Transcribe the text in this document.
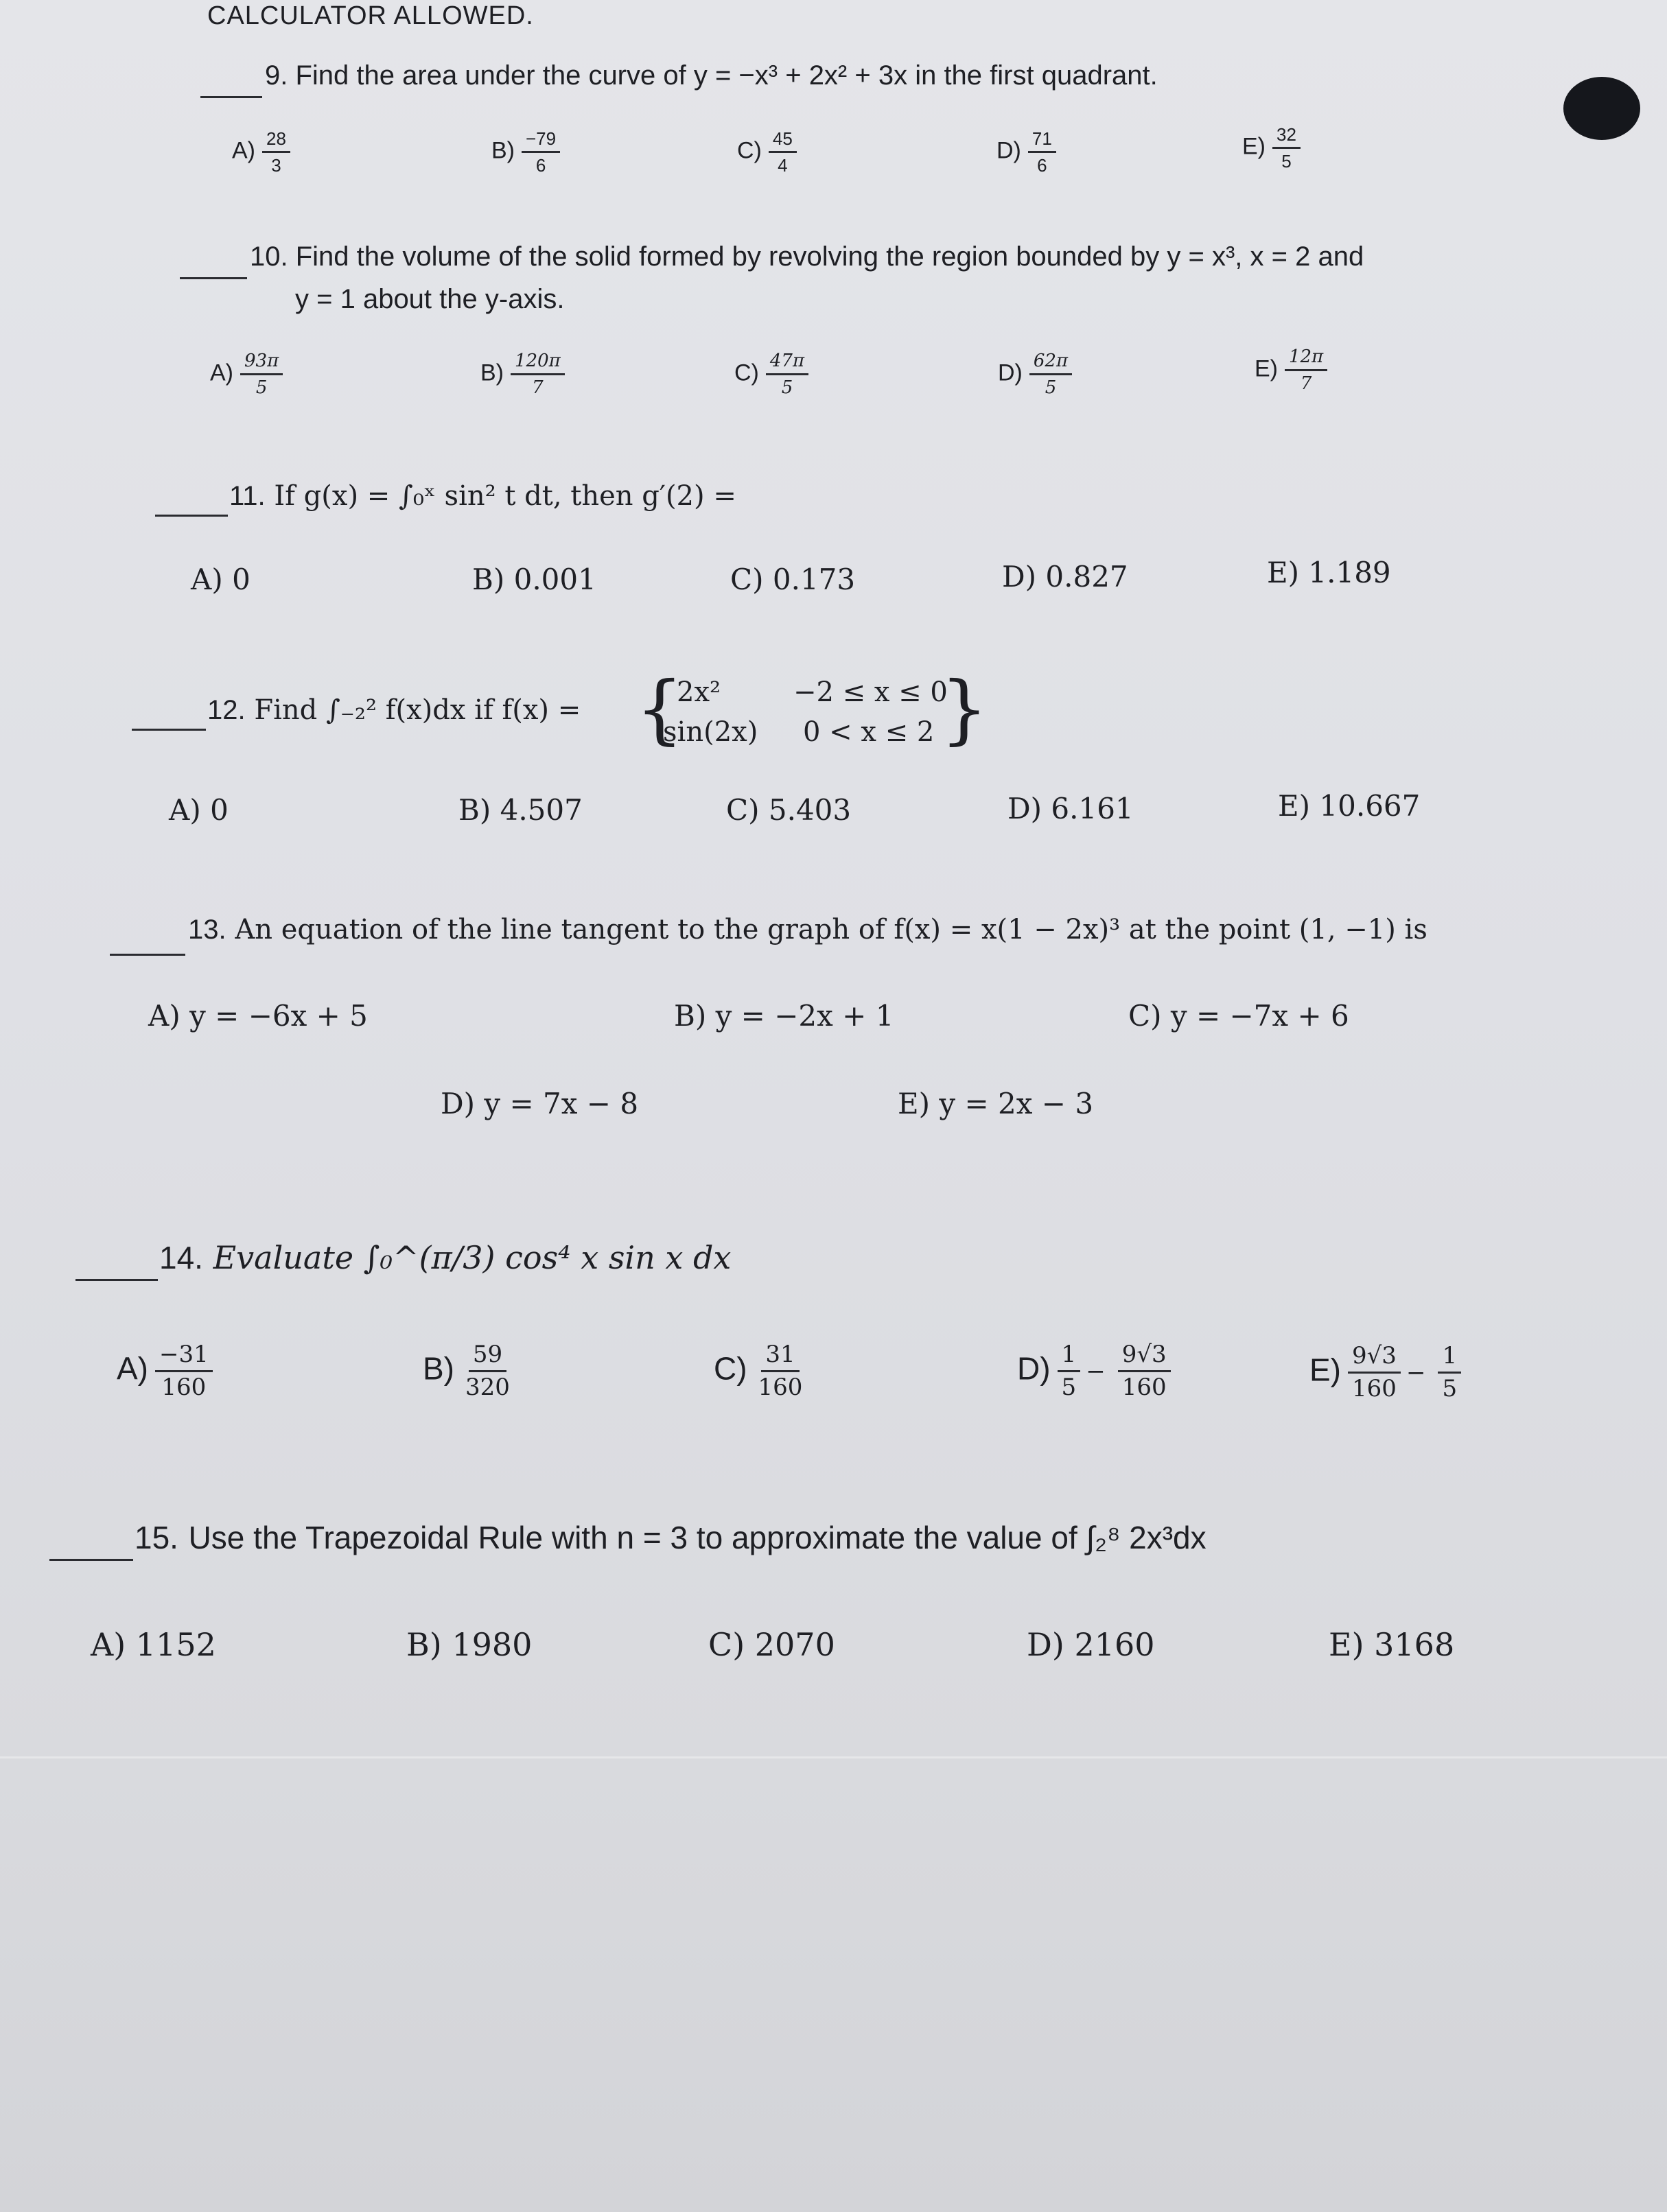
CALCULATOR ALLOWED.
9. Find the area under the curve of y = −x³ + 2x² + 3x in the first quadrant.
$A) \frac{28}{3}$	$B) \frac{-79}{6}$	$C) \frac{45}{4}$	$D) \frac{71}{6}$	$E) \frac{32}{5}$
10. Find the volume of the solid formed by revolving the region bounded by y = x³, x = 2 and
y = 1 about the y-axis.
$A) \frac{93\pi}{5}$	$B) \frac{120\pi}{7}$	$C) \frac{47\pi}{5}$	$D) \frac{62\pi}{5}$	$E) \frac{12\pi}{7}$
11. If g(x) = ∫₀ˣ sin² t dt, then g′(2) =
A) 0	B) 0.001	C) 0.173	D) 0.827	E) 1.189
12. Find ∫₋₂² f(x)dx if f(x) = {
2x²
sin(2x)
−2 ≤ x ≤ 0
0 < x ≤ 2 }
A) 0	B) 4.507	C) 5.403	D) 6.161	E) 10.667
13. An equation of the line tangent to the graph of f(x) = x(1 − 2x)³ at the point (1, −1) is
A) y = −6x + 5	B) y = −2x + 1	C) y = −7x + 6
D) y = 7x − 8	E) y = 2x − 3
14. Evaluate ∫₀^(π/3) cos⁴ x sin x dx
$A) \frac{-31}{160}$	$B) \frac{59}{320}$	$C) \frac{31}{160}$	$D) \frac{1}{5} - \frac{9√3}{160}$	$E) \frac{9√3}{160} - \frac{1}{5}$
15. Use the Trapezoidal Rule with n = 3 to approximate the value of ∫₂⁸ 2x³dx
A) 1152	B) 1980	C) 2070	D) 2160	E) 3168
